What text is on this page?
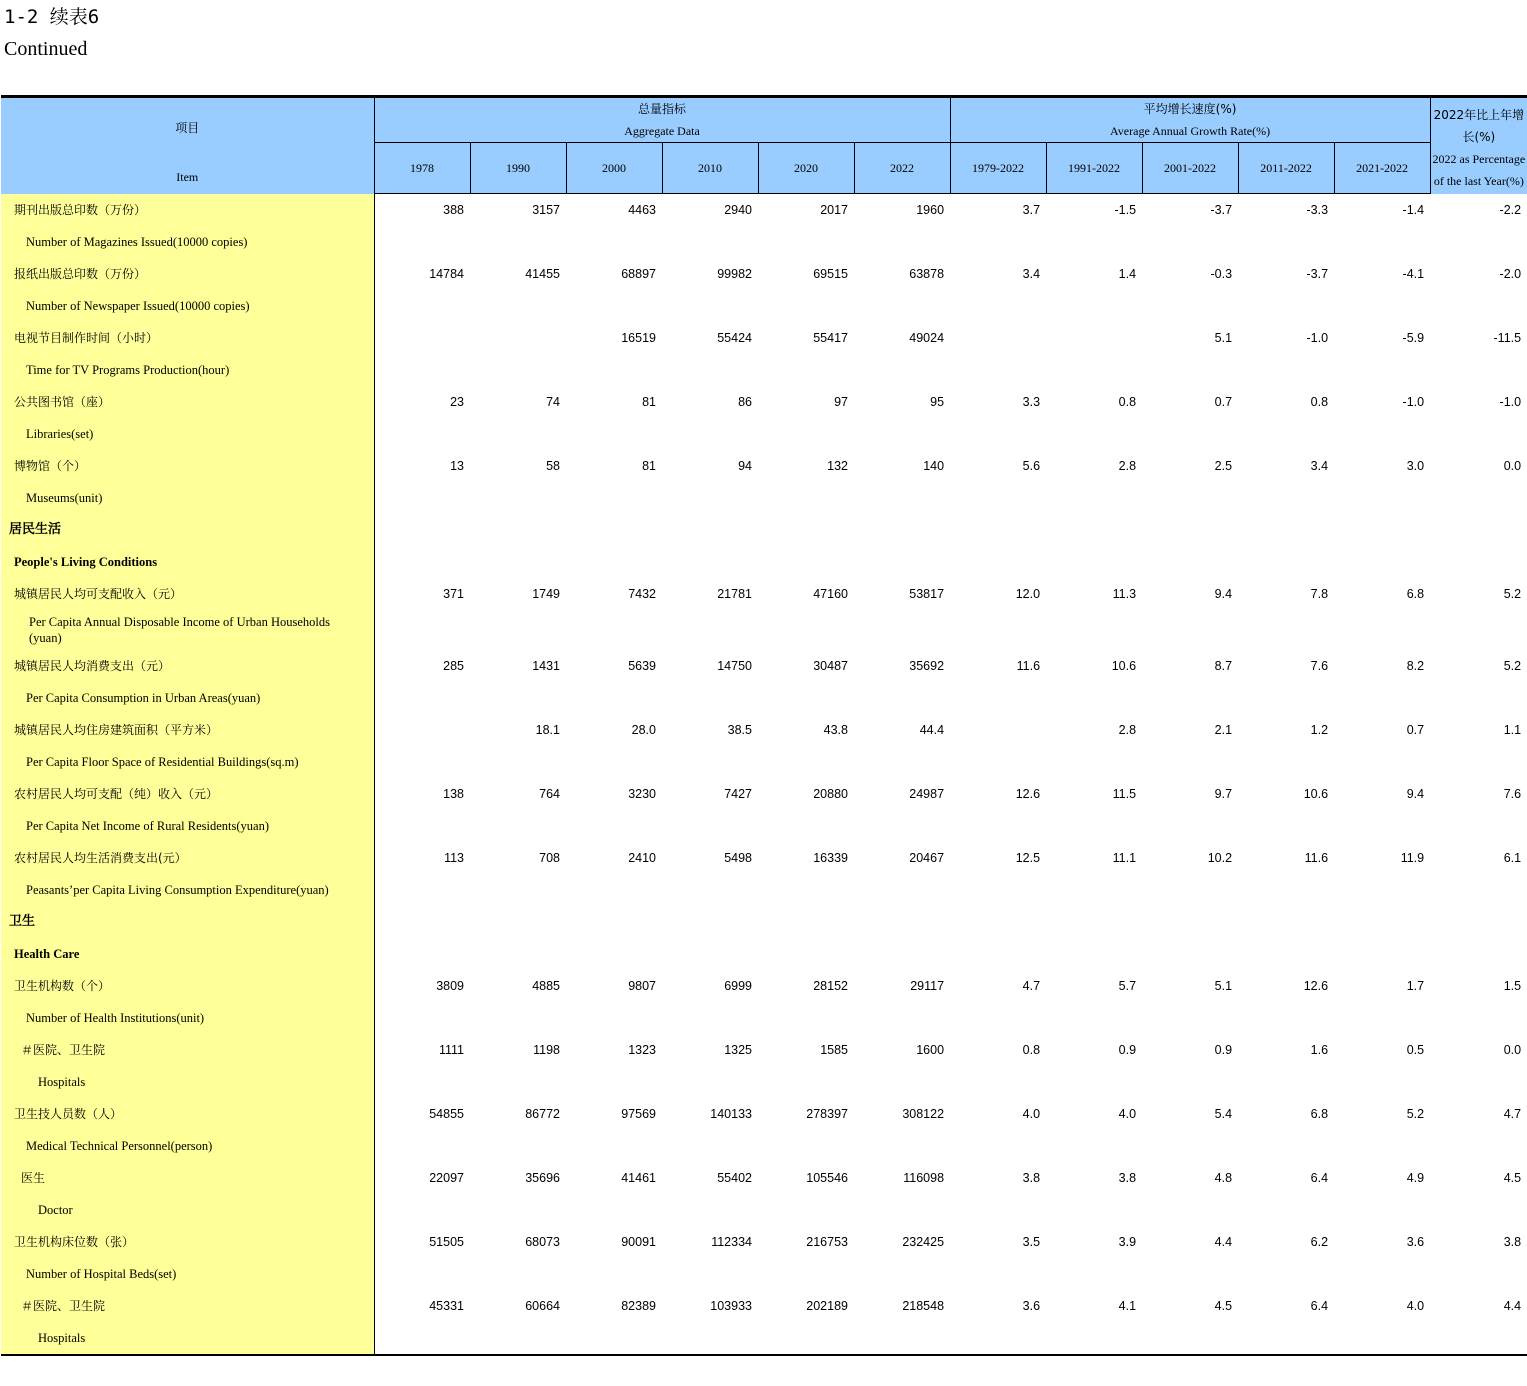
1-2 续表6
Continued
项目
Item	总量指标
Aggregate Data						平均增长速度(%)
Average Annual Growth Rate(%)					2022年比上年增长(%)
2022 as Percentage of the last Year(%)
	1978	1990	2000	2010	2020	2022	1979-2022	1991-2022	2001-2022	2011-2022	2021-2022	

期刊出版总印数（万份）	388	3157	4463	2940	2017	1960	3.7	-1.5	-3.7	-3.3	-1.4	-2.2

Number of Magazines Issued(10000 copies)												

报纸出版总印数（万份）	14784	41455	68897	99982	69515	63878	3.4	1.4	-0.3	-3.7	-4.1	-2.0

Number of Newspaper Issued(10000 copies)												

电视节目制作时间（小时）			16519	55424	55417	49024			5.1	-1.0	-5.9	-11.5

Time for TV Programs Production(hour)												

公共图书馆（座）	23	74	81	86	97	95	3.3	0.8	0.7	0.8	-1.0	-1.0

Libraries(set)												

博物馆（个）	13	58	81	94	132	140	5.6	2.8	2.5	3.4	3.0	0.0

Museums(unit)												

居民生活												

People's Living Conditions												

城镇居民人均可支配收入（元）	371	1749	7432	21781	47160	53817	12.0	11.3	9.4	7.8	6.8	5.2

Per Capita Annual Disposable Income of Urban Households (yuan)												

城镇居民人均消费支出（元）	285	1431	5639	14750	30487	35692	11.6	10.6	8.7	7.6	8.2	5.2

Per Capita Consumption in Urban Areas(yuan)												

城镇居民人均住房建筑面积（平方米）		18.1	28.0	38.5	43.8	44.4		2.8	2.1	1.2	0.7	1.1

Per Capita Floor Space of Residential Buildings(sq.m)												

农村居民人均可支配（纯）收入（元）	138	764	3230	7427	20880	24987	12.6	11.5	9.7	10.6	9.4	7.6

Per Capita Net Income of Rural Residents(yuan)												

农村居民人均生活消费支出(元）	113	708	2410	5498	16339	20467	12.5	11.1	10.2	11.6	11.9	6.1

Peasants’per Capita Living Consumption Expenditure(yuan)												

卫生												

Health Care												

卫生机构数（个）	3809	4885	9807	6999	28152	29117	4.7	5.7	5.1	12.6	1.7	1.5

Number of Health Institutions(unit)												

＃医院、卫生院	1111	1198	1323	1325	1585	1600	0.8	0.9	0.9	1.6	0.5	0.0

Hospitals												

卫生技人员数（人）	54855	86772	97569	140133	278397	308122	4.0	4.0	5.4	6.8	5.2	4.7

Medical Technical Personnel(person)												

医生	22097	35696	41461	55402	105546	116098	3.8	3.8	4.8	6.4	4.9	4.5

Doctor												

卫生机构床位数（张）	51505	68073	90091	112334	216753	232425	3.5	3.9	4.4	6.2	3.6	3.8

Number of Hospital Beds(set)												

＃医院、卫生院	45331	60664	82389	103933	202189	218548	3.6	4.1	4.5	6.4	4.0	4.4

Hospitals												
